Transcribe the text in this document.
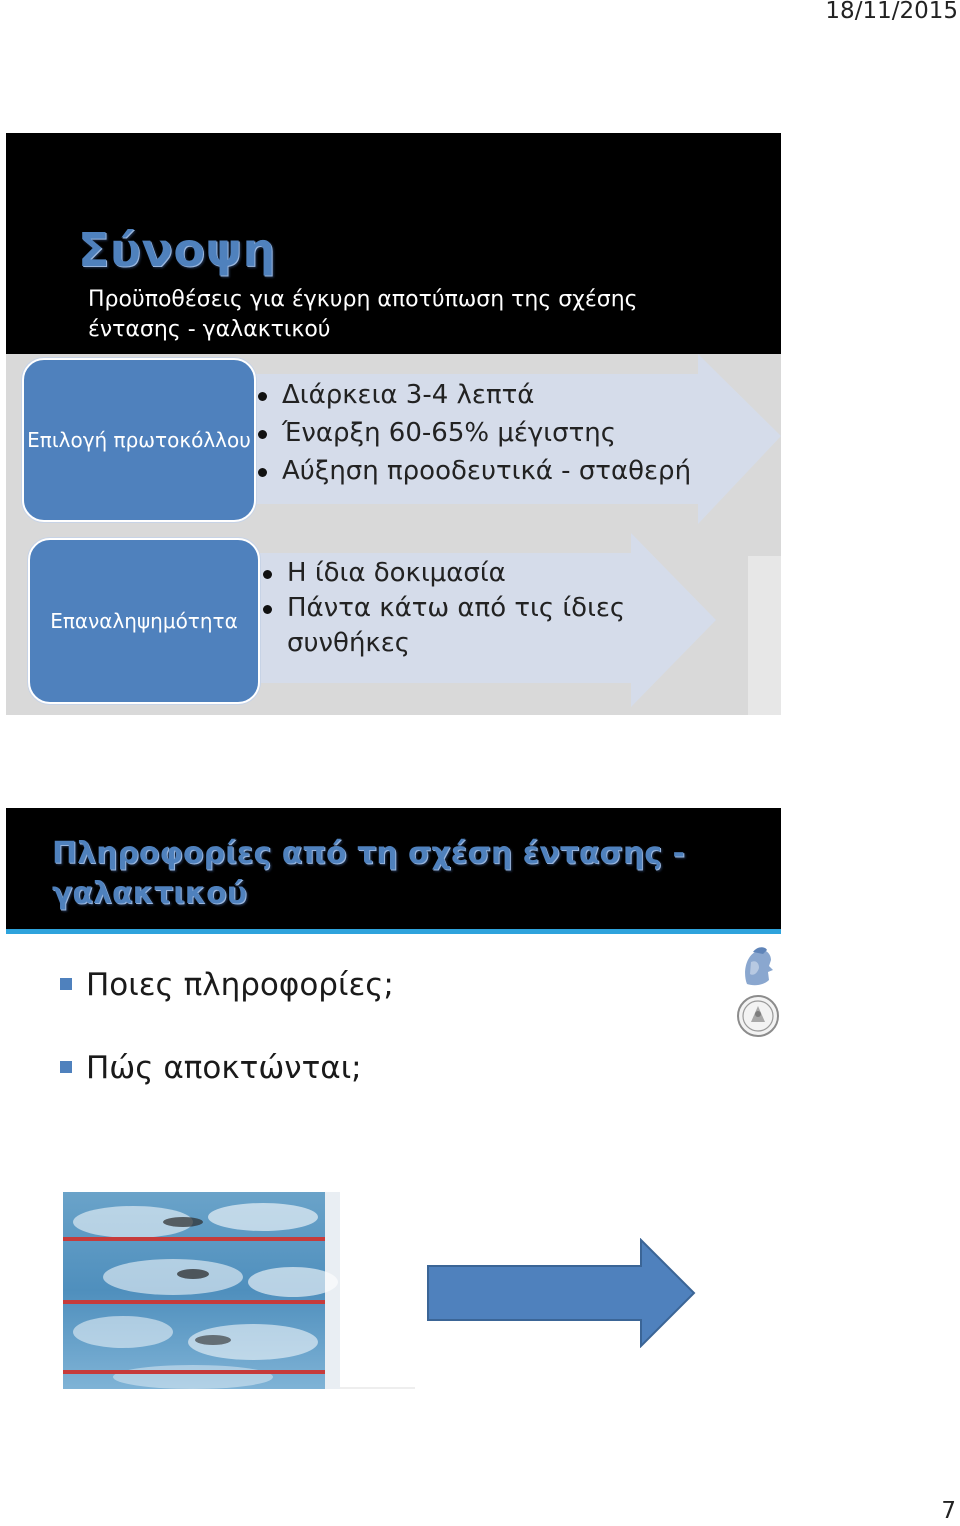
18/11/2015
Σύνοψη
Προϋποθέσεις για έγκυρη αποτύπωση της σχέσης έντασης - γαλακτικού
Επιλογή πρωτοκόλλου
Διάρκεια 3-4 λεπτά
Έναρξη 60-65% μέγιστης
Αύξηση προοδευτικά - σταθερή
Επαναληψημότητα
Η ίδια δοκιμασία
Πάντα κάτω από τις ίδιες συνθήκες
Πληροφορίες από τη σχέση έντασης - γαλακτικού
Ποιες πληροφορίες;
Πώς αποκτώνται;
7
